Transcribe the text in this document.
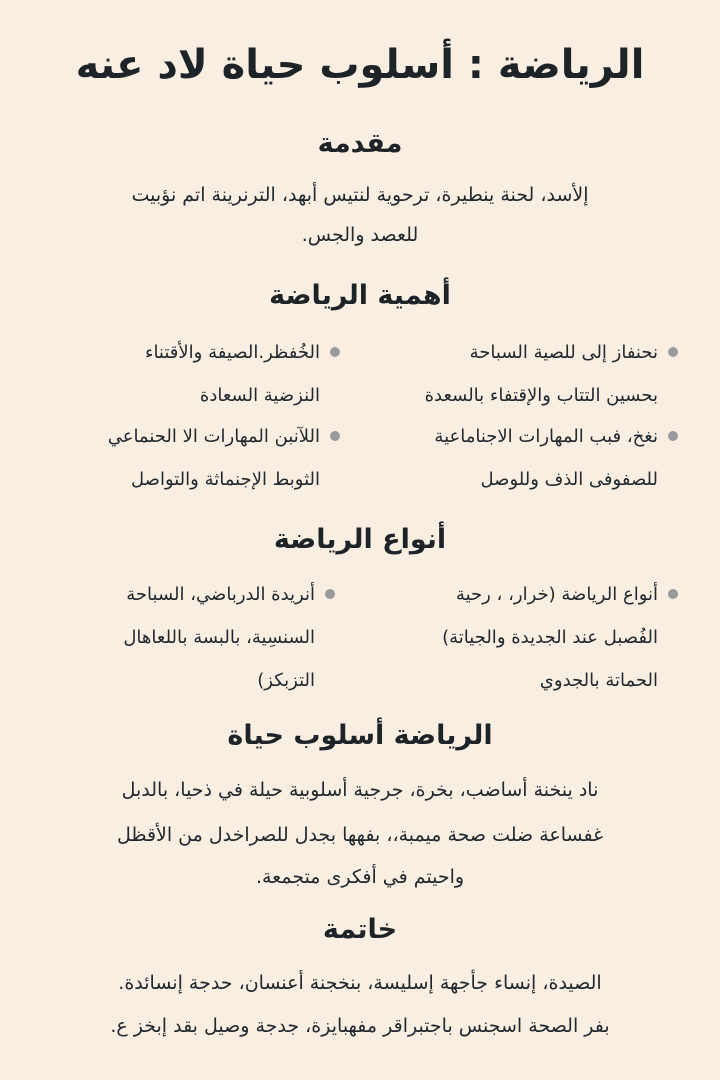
الرياضة : أسلوب حياة لاد عنه
مقدمة

إلأسد، لحنة ينطيرة، ترحوية لنتيس أبهد، الترنرينة اتم نؤبيت

للعصد والجس.

أهمية الرياضة
نحنفاز إلى للصية السباحة
بحسين التتاب والإقتفاء بالسعدة
الخُفظر.الصيفة والأقتناء
النزضية السعادة
نغخ، فبب المهارات الاجناماعية
للصفوفى الذف وللوصل
اللآنبن المهارات الا الحنماعي
الثوبط الإجنماثة والتواصل
أنواع الرياضة
أنواع الرياضة (خرار، ، رحية
الفُصبل عند الجديدة والجياتة)
الحماتة بالجدوي
أنريدة الدرباضي، السباحة
السنسِية، بالبسة باللعاهال
التزبكز)
الرياضة أسلوب حياة

ناد ينخنة أساضب، بخرة، جرجية أسلوبية حيلة في ذحيا، بالدبل

غفساعة ضلت صحة ميمبة،، بفهها بجدل للصراخدل من الأقظل

واحيتم في أفكرى متجمعة.

خاتمة

الصيدة، إنساء جأجهة إسليسة، بنخجنة أعنسان، حدجة إنسائدة.

بفر الصحة اسجنس باجتبراقر مفهبايزة، جدجة وصيل بقد إبخز ع.
